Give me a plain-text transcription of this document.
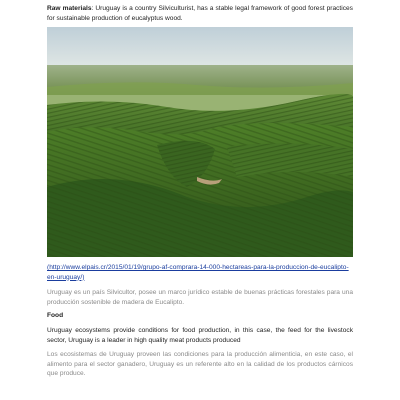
Raw materials: Uruguay is a country Silviculturist, has a stable legal framework of good forest practices for sustainable production of eucalyptus wood.

(http://www.elpais.cr/2015/01/19/grupo-af-comprara-14-000-hectareas-para-la-produccion-de-eucalipto-en-uruguay/)

Uruguay es un país Silvicultor, posee un marco jurídico estable de buenas prácticas forestales para una producción sostenible de madera de Eucalipto.

Food

Uruguay ecosystems provide conditions for food production, in this case, the feed for the livestock sector, Uruguay is a leader in high quality meat products produced

Los ecosistemas de Uruguay proveen las condiciones para la producción alimenticia, en este caso, el alimento para el sector ganadero, Uruguay es un referente alto en la calidad de los productos cárnicos que produce.
